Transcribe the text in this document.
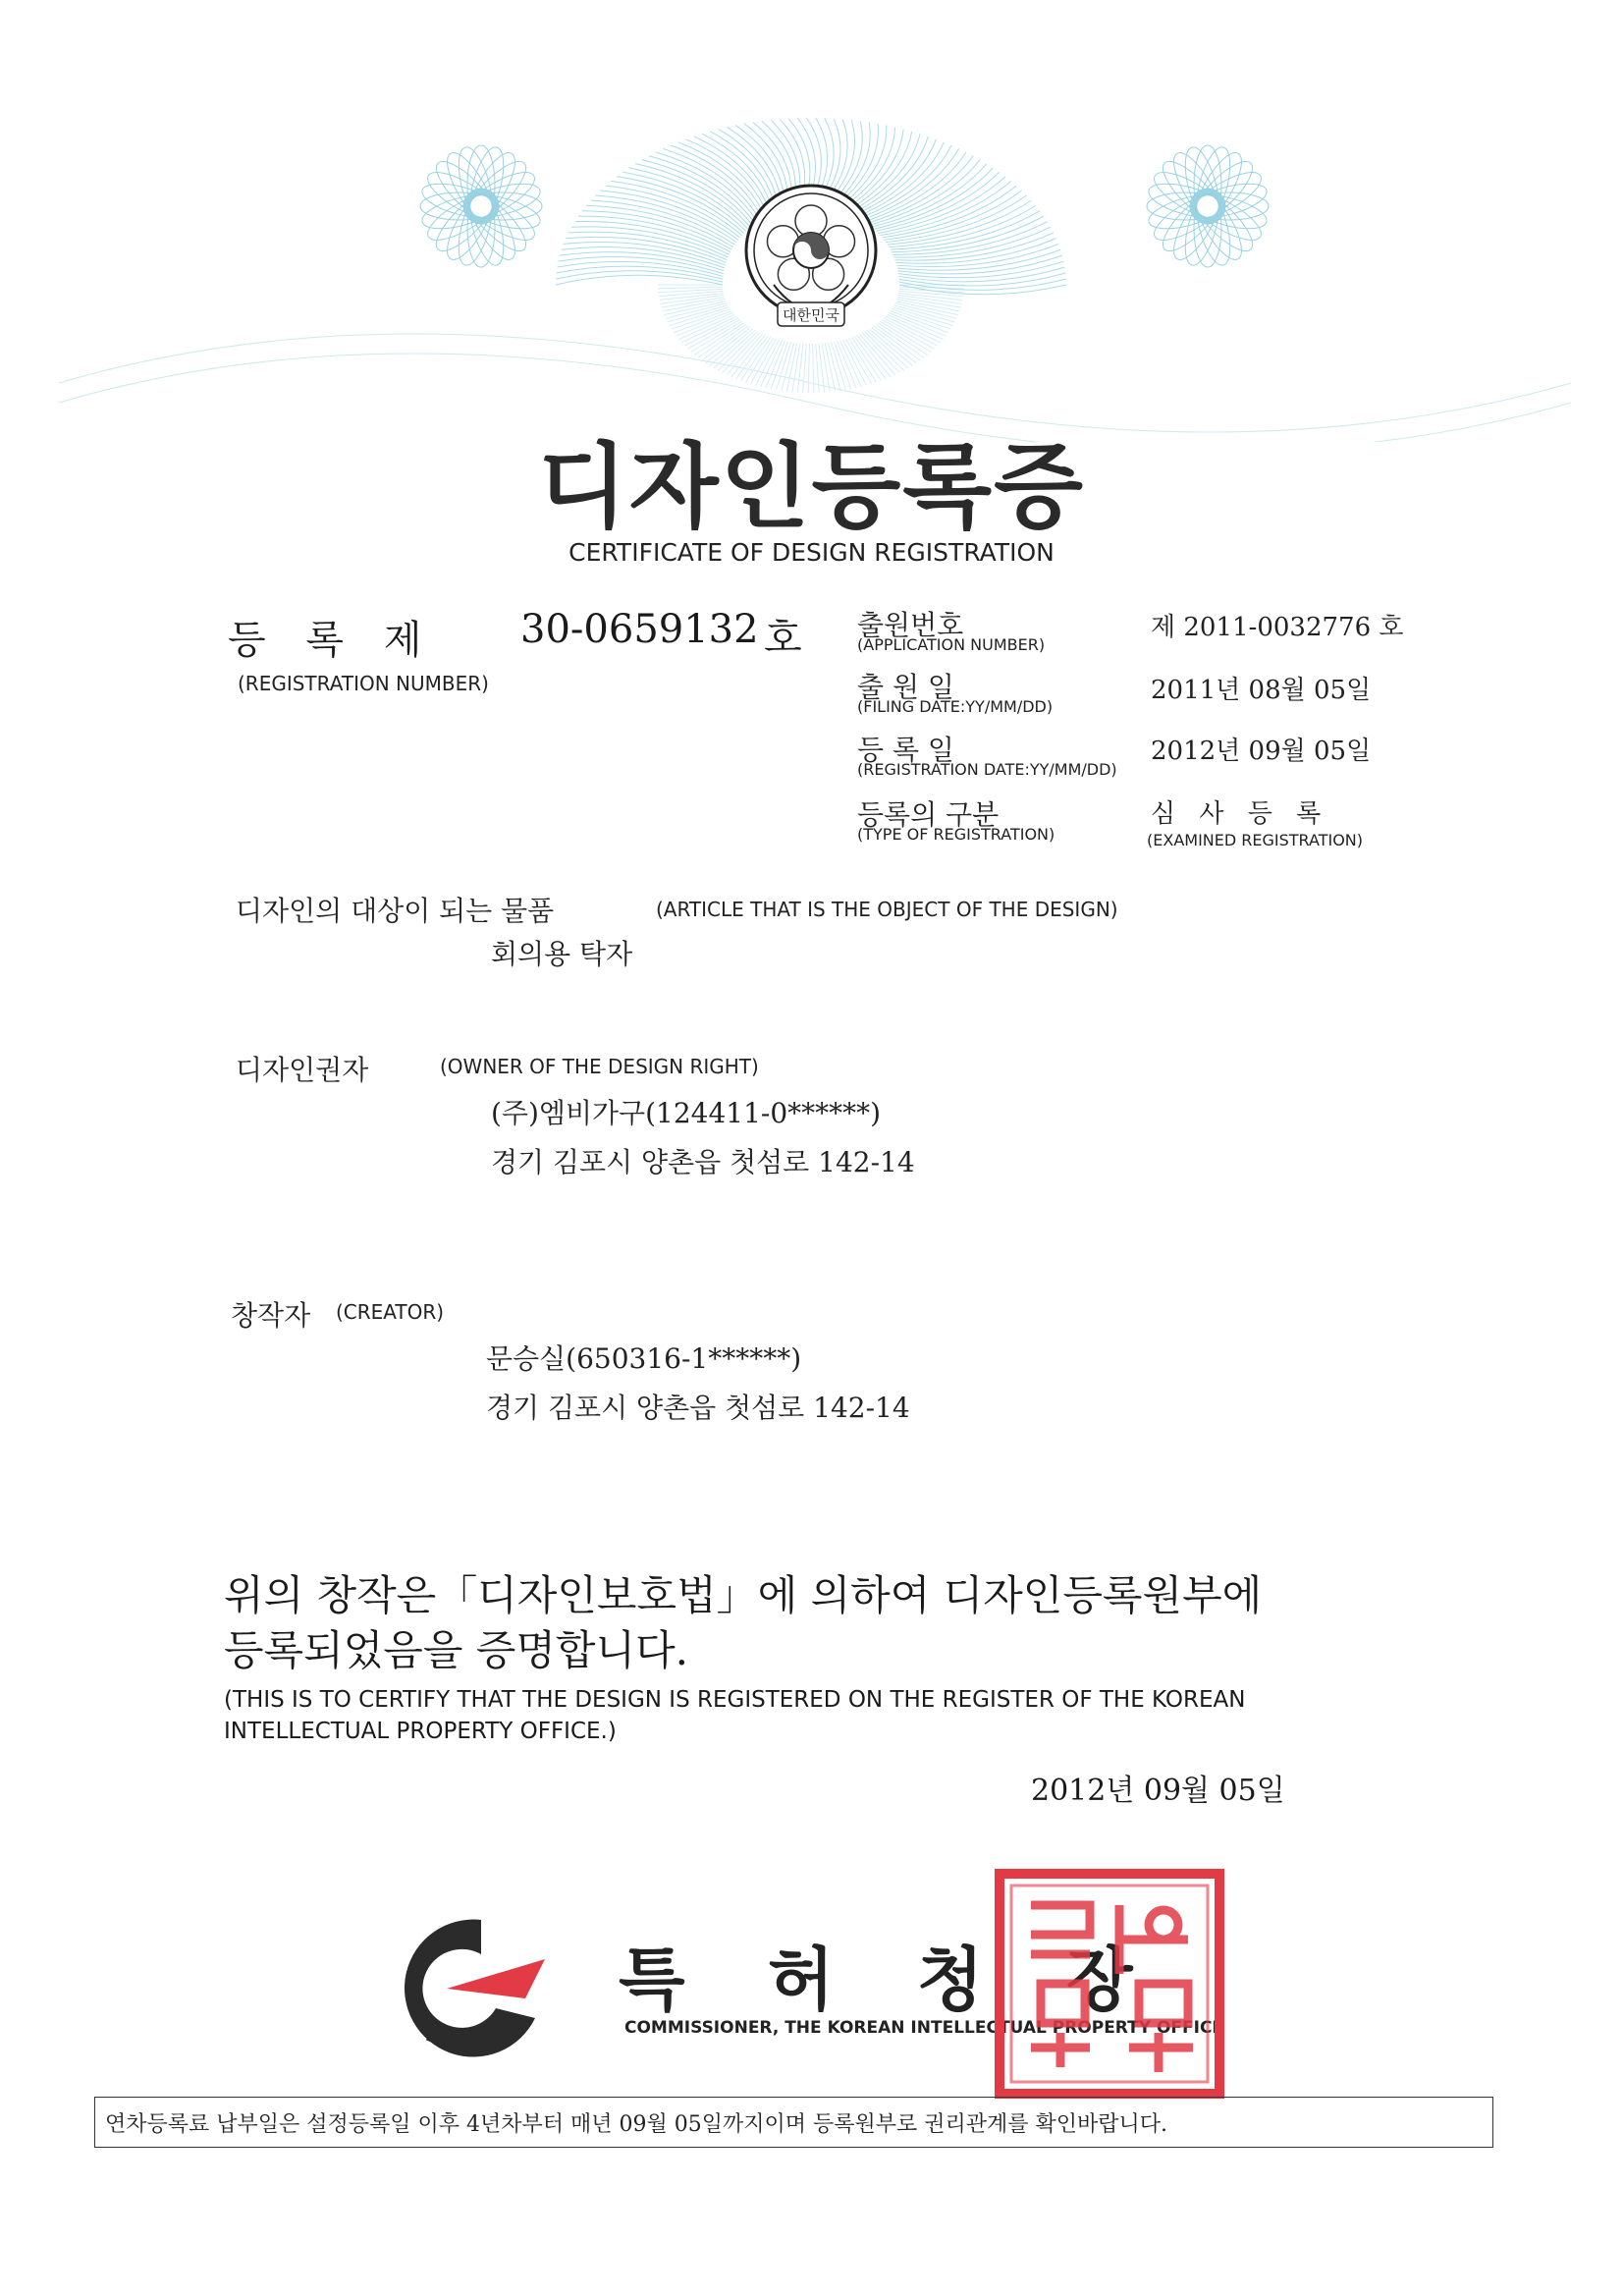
대한민국
디자인등록증
CERTIFICATE OF DESIGN REGISTRATION
등 록 제 30-0659132 호
(REGISTRATION NUMBER)
출원번호
(APPLICATION NUMBER)
제 2011-0032776 호
출 원 일
(FILING DATE:YY/MM/DD)
2011년 08월 05일
등 록 일
(REGISTRATION DATE:YY/MM/DD)
2012년 09월 05일
등록의 구분
(TYPE OF REGISTRATION)
심 사 등 록
(EXAMINED REGISTRATION)
디자인의 대상이 되는 물품	(ARTICLE THAT IS THE OBJECT OF THE DESIGN)
회의용 탁자
디자인권자	(OWNER OF THE DESIGN RIGHT)
(주)엠비가구(124411-0******)
경기 김포시 양촌읍 첫섬로 142-14
창작자 (CREATOR)
문승실(650316-1******)
경기 김포시 양촌읍 첫섬로 142-14
위의 창작은「디자인보호법」에 의하여 디자인등록원부에
등록되었음을 증명합니다.
(THIS IS TO CERTIFY THAT THE DESIGN IS REGISTERED ON THE REGISTER OF THE KOREAN
INTELLECTUAL PROPERTY OFFICE.)
2012년 09월 05일
특 허 청 장
COMMISSIONER, THE KOREAN INTELLECTUAL PROPERTY OFFICE
연차등록료 납부일은 설정등록일 이후 4년차부터 매년 09월 05일까지이며 등록원부로 권리관계를 확인바랍니다.
